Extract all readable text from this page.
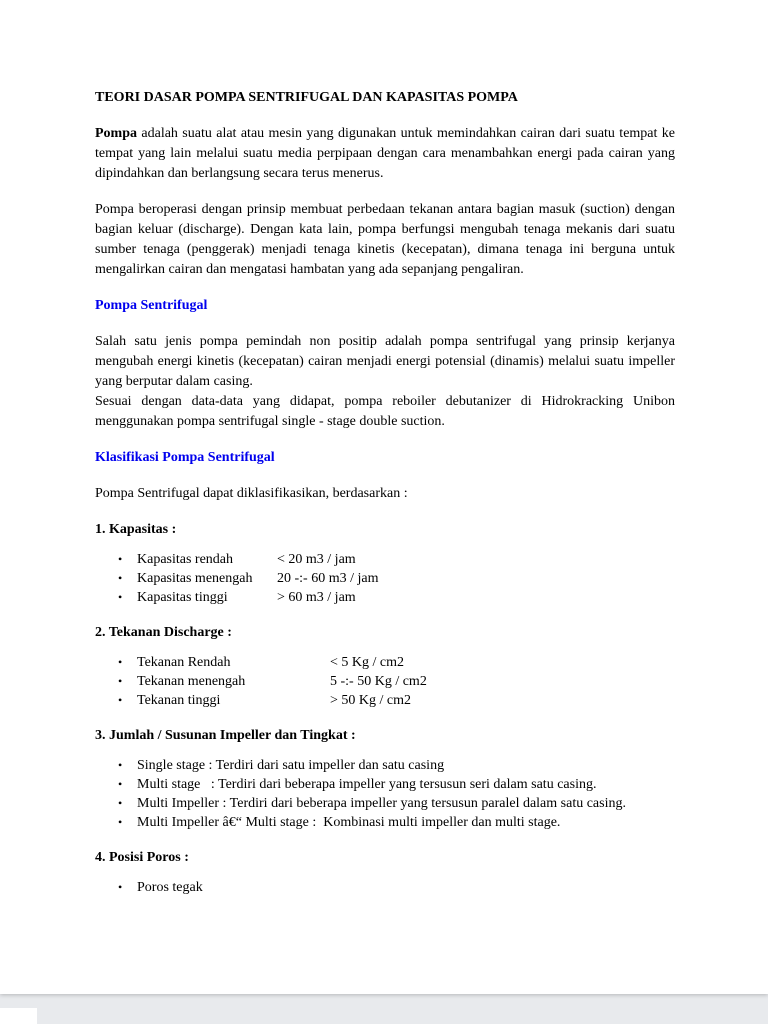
TEORI DASAR POMPA SENTRIFUGAL DAN KAPASITAS POMPA

Pompa adalah suatu alat atau mesin yang digunakan untuk memindahkan cairan dari suatu tempat ke tempat yang lain melalui suatu media perpipaan dengan cara menambahkan energi pada cairan yang dipindahkan dan berlangsung secara terus menerus.

Pompa beroperasi dengan prinsip membuat perbedaan tekanan antara bagian masuk (suction) dengan bagian keluar (discharge). Dengan kata lain, pompa berfungsi mengubah tenaga mekanis dari suatu sumber tenaga (penggerak) menjadi tenaga kinetis (kecepatan), dimana tenaga ini berguna untuk mengalirkan cairan dan mengatasi hambatan yang ada sepanjang pengaliran.

Pompa Sentrifugal

Salah satu jenis pompa pemindah non positip adalah pompa sentrifugal yang prinsip kerjanya mengubah energi kinetis (kecepatan) cairan menjadi energi potensial (dinamis) melalui suatu impeller yang berputar dalam casing.

Sesuai dengan data-data yang didapat, pompa reboiler debutanizer di Hidrokracking Unibon menggunakan pompa sentrifugal single - stage double suction.

Klasifikasi Pompa Sentrifugal

Pompa Sentrifugal dapat diklasifikasikan, berdasarkan :

1. Kapasitas :
• Kapasitas rendah	< 20 m3 / jam
• Kapasitas menengah 20 -:- 60 m3 / jam
• Kapasitas tinggi	> 60 m3 / jam
2. Tekanan Discharge :
• Tekanan Rendah	< 5 Kg / cm2
• Tekanan menengah	5 -:- 50 Kg / cm2
• Tekanan tinggi	> 50 Kg / cm2
3. Jumlah / Susunan Impeller dan Tingkat :
• Single stage : Terdiri dari satu impeller dan satu casing
• Multi stage   : Terdiri dari beberapa impeller yang tersusun seri dalam satu casing.
• Multi Impeller : Terdiri dari beberapa impeller yang tersusun paralel dalam satu casing.
• Multi Impeller â€“ Multi stage :  Kombinasi multi impeller dan multi stage.
4. Posisi Poros :
• Poros tegak
